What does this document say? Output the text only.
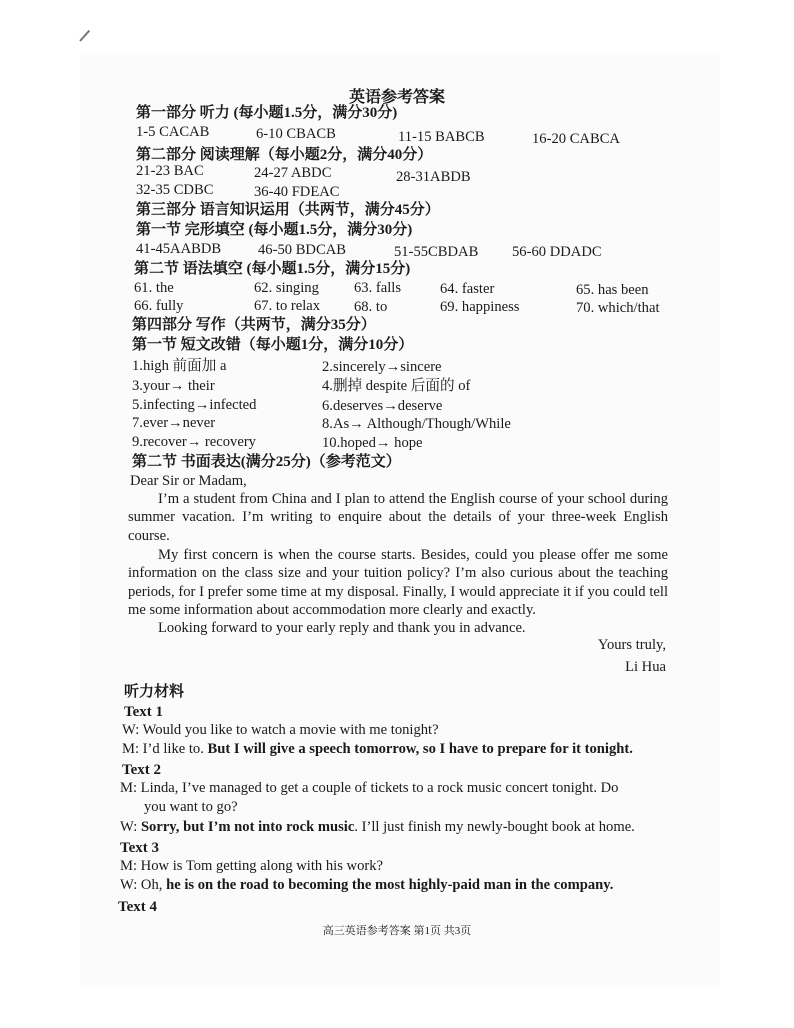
英语参考答案
第一部分 听力 (每小题1.5分，满分30分)
1-5 CACAB	6-10 CBACB	11-15 BABCB	16-20 CABCA
第二部分 阅读理解（每小题2分，满分40分）
21-23 BAC	24-27 ABDC	28-31ABDB
32-35 CDBC	36-40 FDEAC
第三部分 语言知识运用（共两节，满分45分）
第一节 完形填空 (每小题1.5分，满分30分)
41-45AABDB	46-50 BDCAB	51-55CBDAB 56-60 DDADC
第二节 语法填空 (每小题1.5分，满分15分)
61. the	62. singing 63. falls	64. faster	65. has been
66. fully	67. to relax 68. to	69. happiness	70. which/that
第四部分 写作（共两节，满分35分）
第一节 短文改错（每小题1分，满分10分）
1.high 前面加 a	2.sincerely→sincere
3.your→ their	4.删掉 despite 后面的 of
5.infecting→infected	6.deserves→deserve
7.ever→never	8.As→ Although/Though/While
9.recover→ recovery	10.hoped→ hope
第二节 书面表达(满分25分)（参考范文）
Dear Sir or Madam,
I’m a student from China and I plan to attend the English course of your school during summer vacation. I’m writing to enquire about the details of your three-week English course.
My first concern is when the course starts. Besides, could you please offer me some information on the class size and your tuition policy? I’m also curious about the teaching periods, for I prefer some time at my disposal. Finally, I would appreciate it if you could tell me some information about accommodation more clearly and exactly.
Looking forward to your early reply and thank you in advance.
Yours truly,
Li Hua
听力材料
Text 1
W: Would you like to watch a movie with me tonight?
M: I’d like to. But I will give a speech tomorrow, so I have to prepare for it tonight.
Text 2
M: Linda, I’ve managed to get a couple of tickets to a rock music concert tonight. Do
you want to go?
W: Sorry, but I’m not into rock music. I’ll just finish my newly-bought book at home.
Text 3
M: How is Tom getting along with his work?
W: Oh, he is on the road to becoming the most highly-paid man in the company.
Text 4
高三英语参考答案 第1页 共3页
